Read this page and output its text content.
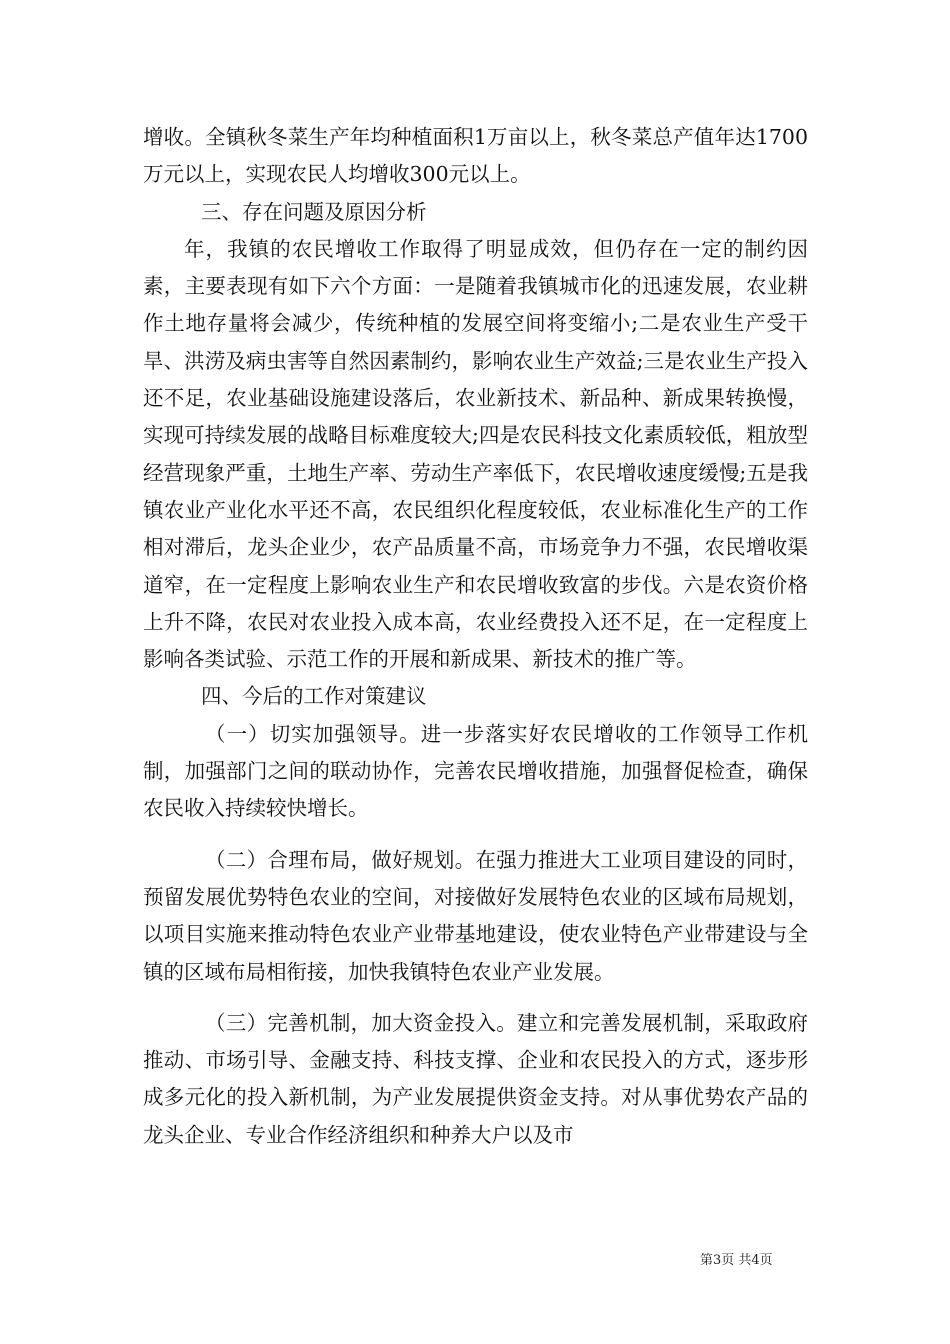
增收。全镇秋冬菜生产年均种植面积1万亩以上，秋冬菜总产值年达1700万元以上，实现农民人均增收300元以上。

三、存在问题及原因分析

年，我镇的农民增收工作取得了明显成效，但仍存在一定的制约因素，主要表现有如下六个方面：一是随着我镇城市化的迅速发展，农业耕作土地存量将会减少，传统种植的发展空间将变缩小;二是农业生产受干旱、洪涝及病虫害等自然因素制约，影响农业生产效益;三是农业生产投入还不足，农业基础设施建设落后，农业新技术、新品种、新成果转换慢，实现可持续发展的战略目标难度较大;四是农民科技文化素质较低，粗放型经营现象严重，土地生产率、劳动生产率低下，农民增收速度缓慢;五是我镇农业产业化水平还不高，农民组织化程度较低，农业标准化生产的工作相对滞后，龙头企业少，农产品质量不高，市场竞争力不强，农民增收渠道窄，在一定程度上影响农业生产和农民增收致富的步伐。六是农资价格上升不降，农民对农业投入成本高，农业经费投入还不足，在一定程度上影响各类试验、示范工作的开展和新成果、新技术的推广等。

四、今后的工作对策建议

（一）切实加强领导。进一步落实好农民增收的工作领导工作机制，加强部门之间的联动协作，完善农民增收措施，加强督促检查，确保农民收入持续较快增长。

（二）合理布局，做好规划。在强力推进大工业项目建设的同时，预留发展优势特色农业的空间，对接做好发展特色农业的区域布局规划，以项目实施来推动特色农业产业带基地建设，使农业特色产业带建设与全镇的区域布局相衔接，加快我镇特色农业产业发展。

（三）完善机制，加大资金投入。建立和完善发展机制，采取政府推动、市场引导、金融支持、科技支撑、企业和农民投入的方式，逐步形成多元化的投入新机制，为产业发展提供资金支持。对从事优势农产品的龙头企业、专业合作经济组织和种养大户以及市

第3页 共4页
